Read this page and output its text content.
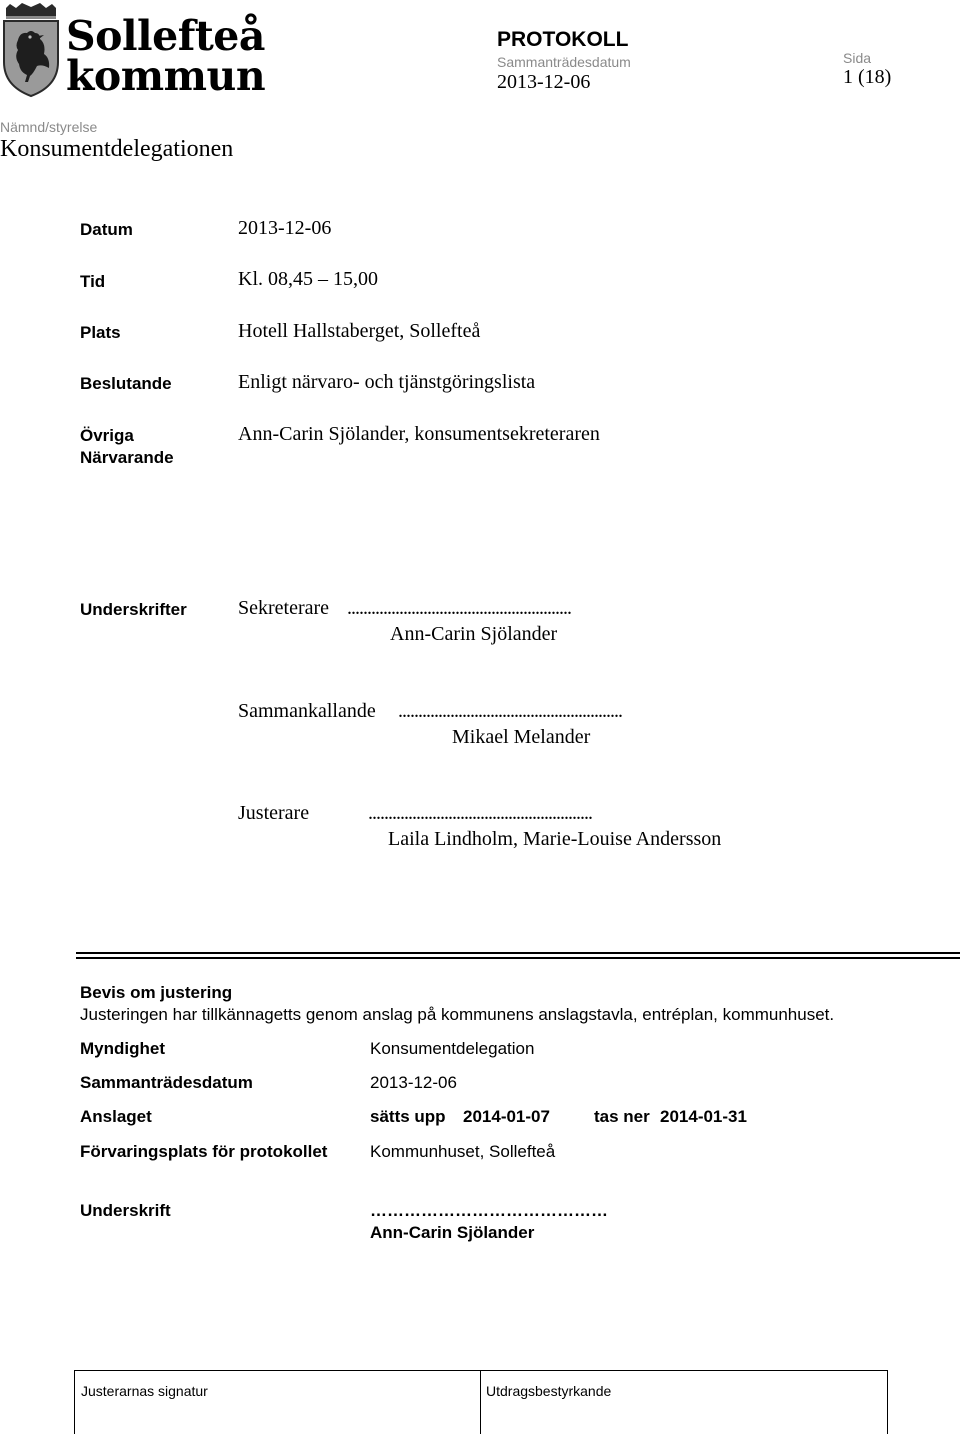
Sollefteå
kommun
PROTOKOLL
Sammanträdesdatum
2013-12-06
Sida
1 (18)
Nämnd/styrelse
Konsumentdelegationen
Datum	2013-12-06
Tid	Kl. 08,45 – 15,00
Plats	Hotell Hallstaberget, Sollefteå
Beslutande	Enligt närvaro- och tjänstgöringslista
Övriga
Närvarande
Ann-Carin Sjölander, konsumentsekreteraren
Underskrifter	Sekreterare ........................................................
Ann-Carin Sjölander
Sammankallande ........................................................
Mikael Melander
Justerare	........................................................
Laila Lindholm, Marie-Louise Andersson
Bevis om justering
Justeringen har tillkännagetts genom anslag på kommunens anslagstavla, entréplan, kommunhuset.
Myndighet	Konsumentdelegation
Sammanträdesdatum	2013-12-06
Anslaget	sätts upp 2014-01-07	tas ner 2014-01-31
Förvaringsplats för protokollet	Kommunhuset, Sollefteå
Underskrift	……………………………………
Ann-Carin Sjölander
Justerarnas signatur	Utdragsbestyrkande
